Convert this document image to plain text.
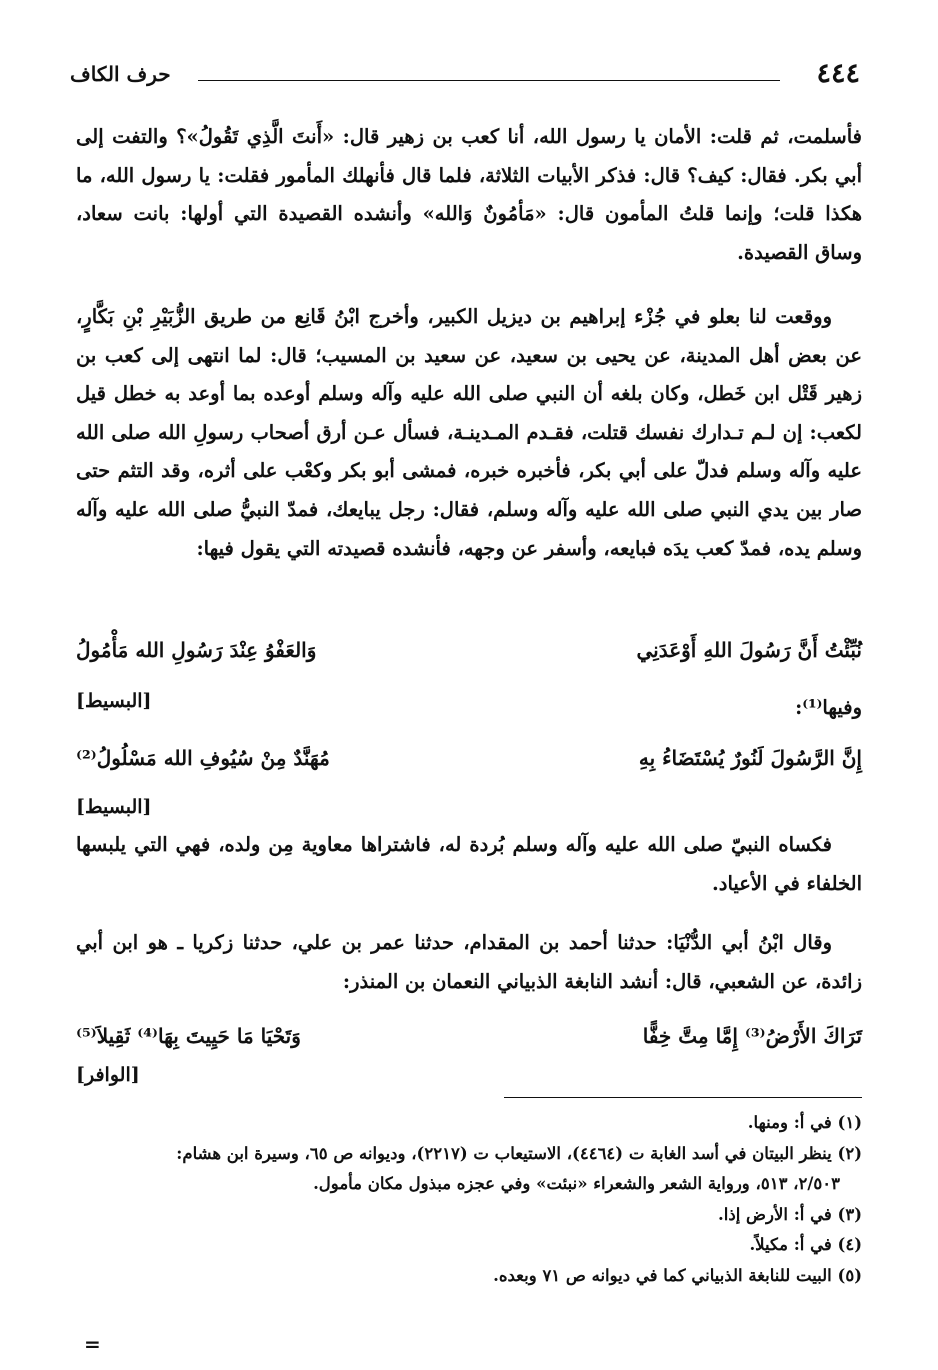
٤٤٤
حرف الكاف

فأسلمت، ثم قلت: الأمان يا رسول الله، أنا كعب بن زهير قال: «أَنتَ الَّذِي تَقُولُ»؟ والتفت إلى أبي بكر. فقال: كيف؟ قال: فذكر الأبيات الثلاثة، فلما قال فأنهلك المأمور فقلت: يا رسول الله، ما هكذا قلت؛ وإنما قلتُ المأمون قال: «مَأمُونٌ وَالله» وأنشده القصيدة التي أولها: بانت سعاد، وساق القصيدة.

ووقعت لنا بعلو في جُزْء إبراهيم بن ديزيل الكبير، وأخرج ابْنُ قَانِع من طريق الزُّبَيْرِ بْنِ بَكَّارٍ، عن بعض أهل المدينة، عن يحيى بن سعيد، عن سعيد بن المسيب؛ قال: لما انتهى إلى كعب بن زهير قَتْل ابن خَطل، وكان بلغه أن النبي صلى الله عليه وآله وسلم أوعده بما أوعد به خطل قيل لكعب: إن لـم تـدارك نفسك قتلت، فقـدم المـدينـة، فسأل عـن أرق أصحاب رسولِ الله صلى الله عليه وآله وسلم فدلّ على أبي بكر، فأخبره خبره، فمشى أبو بكر وكعْب على أثره، وقد التثم حتى صار بين يدي النبي صلى الله عليه وآله وسلم، فقال: رجل يبايعك، فمدّ النبيُّ صلى الله عليه وآله وسلم يده، فمدّ كعب يدَه فبايعه، وأسفر عن وجهه، فأنشده قصيدته التي يقول فيها:

نُبِّئْتُ أَنَّ رَسُولَ اللهِ أَوْعَدَنِي
وَالعَفْوُ عِنْدَ رَسُولِ الله مَأْمُولُ
[البسيط]	وفيها⁽¹⁾:
إِنَّ الرَّسُولَ لَنُورٌ يُسْتَضَاءُ بِهِ
مُهَنَّدٌ مِنْ سُيُوفِ الله مَسْلُولُ⁽²⁾
[البسيط]

فكساه النبيّ صلى الله عليه وآله وسلم بُردة له، فاشتراها معاوية مِن ولده، فهي التي يلبسها الخلفاء في الأعياد.

وقال ابْنُ أبي الدُّنْيَا: حدثنا أحمد بن المقدام، حدثنا عمر بن علي، حدثنا زكريا ـ هو ابن أبي زائدة، عن الشعبي، قال: أنشد النابغة الذبياني النعمان بن المنذر:

تَرَاكَ الأَرْضُ⁽³⁾ إِمَّا مِتَّ خِفًّا
وَتَحْيَا مَا حَيِيتَ بِهَا⁽⁴⁾ ثَقِيلاَ⁽⁵⁾
[الوافر]
(١) في أ: ومنها.
(٢) ينظر البيتان في أسد الغابة ت (٤٤٦٤)، الاستيعاب ت (٢٢١٧)، وديوانه ص ٦٥، وسيرة ابن هشام:
٢/٥٠٣، ٥١٣، ورواية الشعر والشعراء «نبئت» وفي عجزه مبذول مكان مأمول.
(٣) في أ: الأرض إذا.
(٤) في أ: مكيلاً.
(٥) البيت للنابغة الذبياني كما في ديوانه ص ٧١ وبعده.
=
